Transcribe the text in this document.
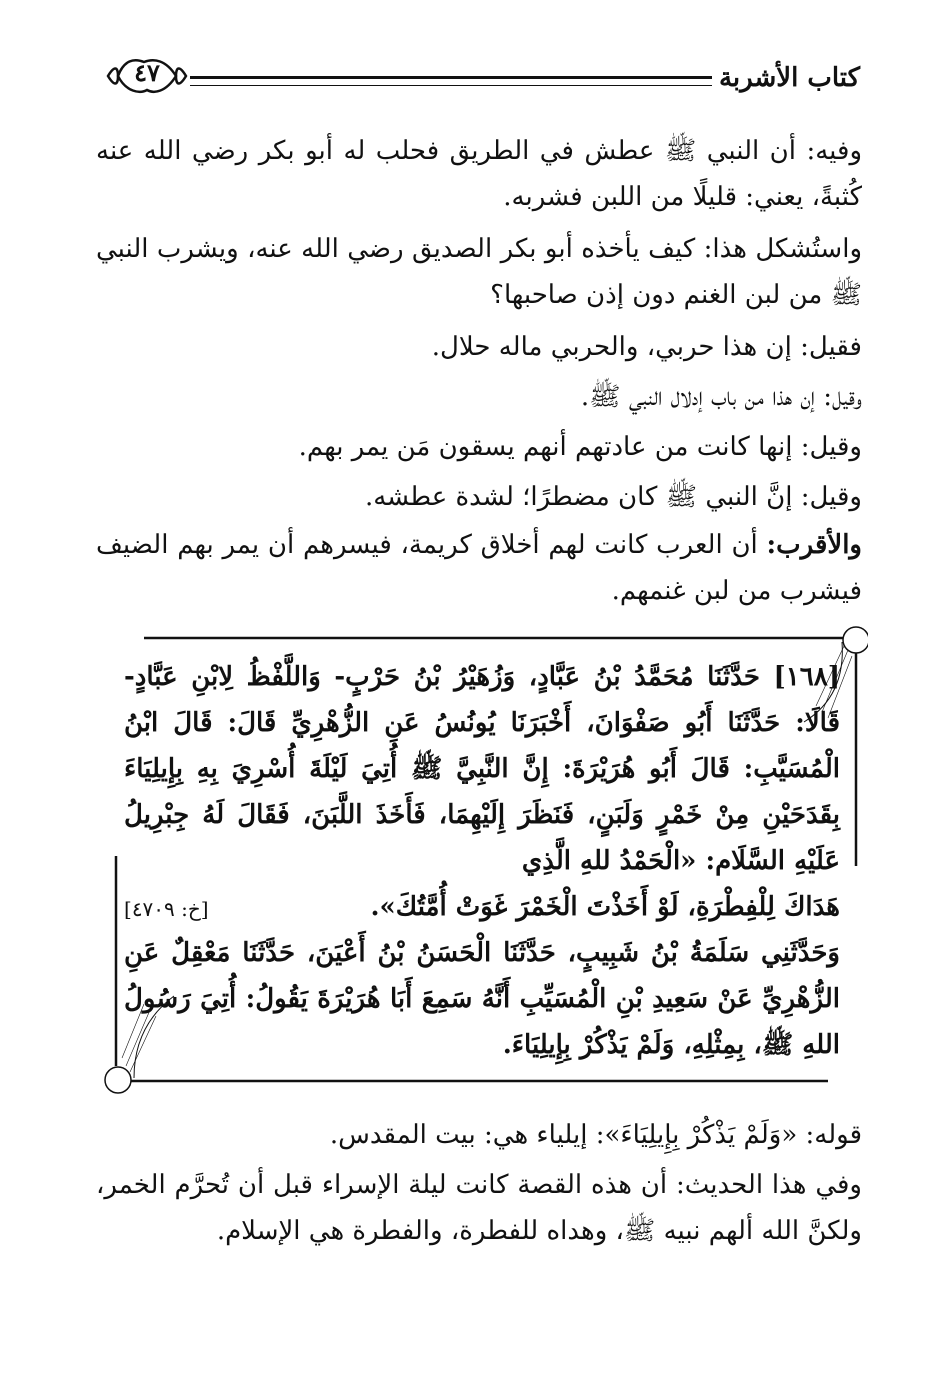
كتاب الأشربة
٤٧
وفيه: أن النبي ﷺ عطش في الطريق فحلب له أبو بكر رضي الله عنه كُثبةً، يعني: قليلًا من اللبن فشربه.
واستُشكل هذا: كيف يأخذه أبو بكر الصديق رضي الله عنه، ويشرب النبي ﷺ من لبن الغنم دون إذن صاحبها؟
فقيل: إن هذا حربي، والحربي ماله حلال.
وقيل: إن هذا من باب إدلال النبي ﷺ.
وقيل: إنها كانت من عادتهم أنهم يسقون مَن يمر بهم.
وقيل: إنَّ النبي ﷺ كان مضطرًا؛ لشدة عطشه.
والأقرب: أن العرب كانت لهم أخلاق كريمة، فيسرهم أن يمر بهم الضيف فيشرب من لبن غنمهم.
[١٦٨] حَدَّثَنَا مُحَمَّدُ بْنُ عَبَّادٍ، وَزُهَيْرُ بْنُ حَرْبٍ- وَاللَّفْظُ لِابْنِ عَبَّادٍ- قَالَا: حَدَّثَنَا أَبُو صَفْوَانَ، أَخْبَرَنَا يُونُسُ عَنِ الزُّهْرِيِّ قَالَ: قَالَ ابْنُ الْمُسَيَّبِ: قَالَ أَبُو هُرَيْرَةَ: إِنَّ النَّبِيَّ ﷺ أُتِيَ لَيْلَةَ أُسْرِيَ بِهِ بِإِيلِيَاءَ بِقَدَحَيْنِ مِنْ خَمْرٍ وَلَبَنٍ، فَنَظَرَ إِلَيْهِمَا، فَأَخَذَ اللَّبَنَ، فَقَالَ لَهُ جِبْرِيلُ عَلَيْهِ السَّلَام: «الْحَمْدُ للهِ الَّذِي
هَدَاكَ لِلْفِطْرَةِ، لَوْ أَخَذْتَ الْخَمْرَ غَوَتْ أُمَّتُكَ».
[خ: ٤٧٠٩]
وَحَدَّثَنِي سَلَمَةُ بْنُ شَبِيبٍ، حَدَّثَنَا الْحَسَنُ بْنُ أَعْيَنَ، حَدَّثَنَا مَعْقِلٌ عَنِ الزُّهْرِيِّ عَنْ سَعِيدِ بْنِ الْمُسَيِّبِ أَنَّهُ سَمِعَ أَبَا هُرَيْرَةَ يَقُولُ: أُتِيَ رَسُولُ اللهِ ﷺ، بِمِثْلِهِ، وَلَمْ يَذْكُرْ بِإِيلِيَاءَ.
قوله: «وَلَمْ يَذْكُرْ بِإِيلِيَاءَ»: إيلياء هي: بيت المقدس.
وفي هذا الحديث: أن هذه القصة كانت ليلة الإسراء قبل أن تُحرَّم الخمر، ولكنَّ الله ألهم نبيه ﷺ، وهداه للفطرة، والفطرة هي الإسلام.
